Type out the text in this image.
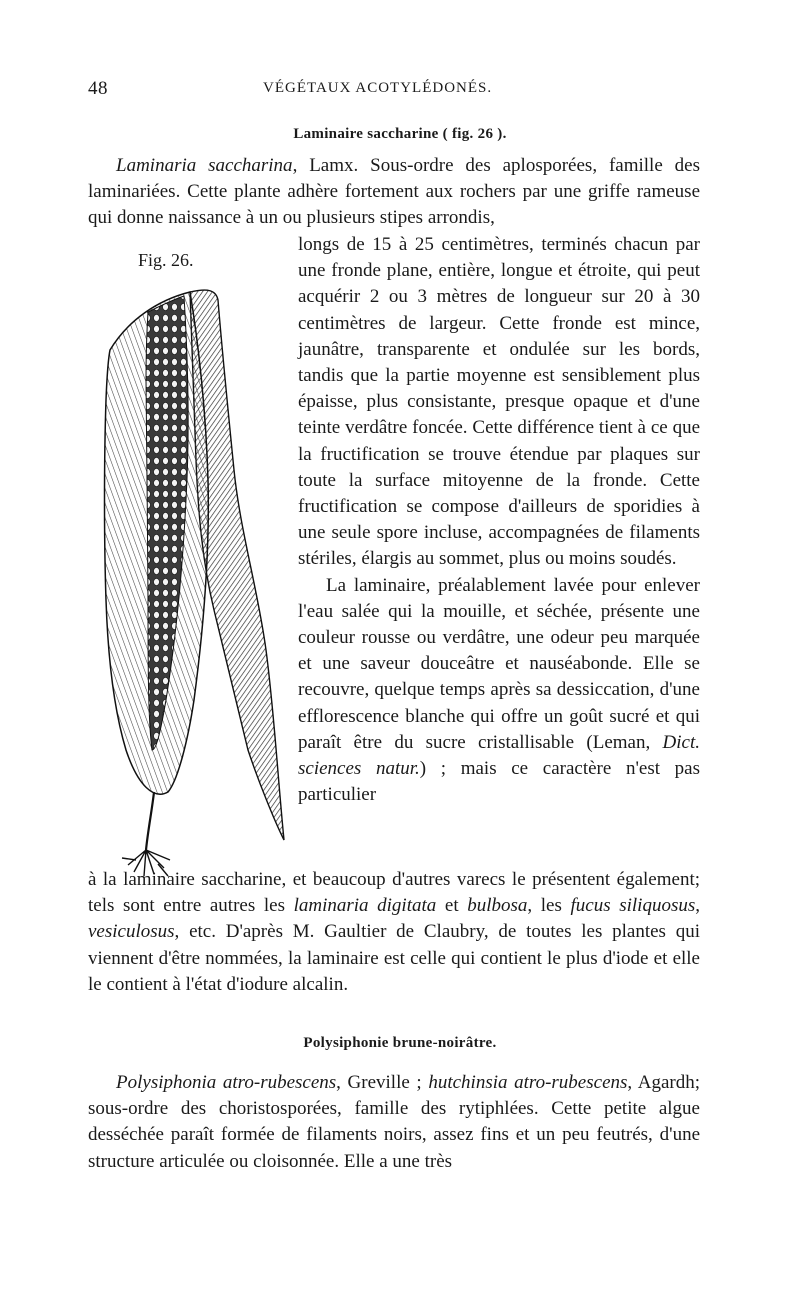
48	VÉGÉTAUX ACOTYLÉDONÉS.
Laminaire saccharine ( fig. 26 ).

Laminaria saccharina, Lamx. Sous-ordre des aplosporées, famille des laminariées. Cette plante adhère fortement aux rochers par une griffe rameuse qui donne naissance à un ou plusieurs stipes arrondis,

Fig. 26.

longs de 15 à 25 centimètres, terminés chacun par une fronde plane, entière, longue et étroite, qui peut acquérir 2 ou 3 mètres de longueur sur 20 à 30 centimètres de largeur. Cette fronde est mince, jaunâtre, transparente et ondulée sur les bords, tandis que la partie moyenne est sensiblement plus épaisse, plus consistante, presque opaque et d'une teinte verdâtre foncée. Cette différence tient à ce que la fructification se trouve étendue par plaques sur toute la surface mitoyenne de la fronde. Cette fructification se compose d'ailleurs de sporidies à une seule spore incluse, accompagnées de filaments stériles, élargis au sommet, plus ou moins soudés.

La laminaire, préalablement lavée pour enlever l'eau salée qui la mouille, et séchée, présente une couleur rousse ou verdâtre, une odeur peu marquée et une saveur douceâtre et nauséabonde. Elle se recouvre, quelque temps après sa dessiccation, d'une efflorescence blanche qui offre un goût sucré et qui paraît être du sucre cristallisable (Leman, Dict. sciences natur.) ; mais ce caractère n'est pas particulier

à la laminaire saccharine, et beaucoup d'autres varecs le présentent également; tels sont entre autres les laminaria digitata et bulbosa, les fucus siliquosus, vesiculosus, etc. D'après M. Gaultier de Claubry, de toutes les plantes qui viennent d'être nommées, la laminaire est celle qui contient le plus d'iode et elle le contient à l'état d'iodure alcalin.

Polysiphonie brune-noirâtre.

Polysiphonia atro-rubescens, Greville ; hutchinsia atro-rubescens, Agardh; sous-ordre des choristosporées, famille des rytiphlées. Cette petite algue desséchée paraît formée de filaments noirs, assez fins et un peu feutrés, d'une structure articulée ou cloisonnée. Elle a une très
